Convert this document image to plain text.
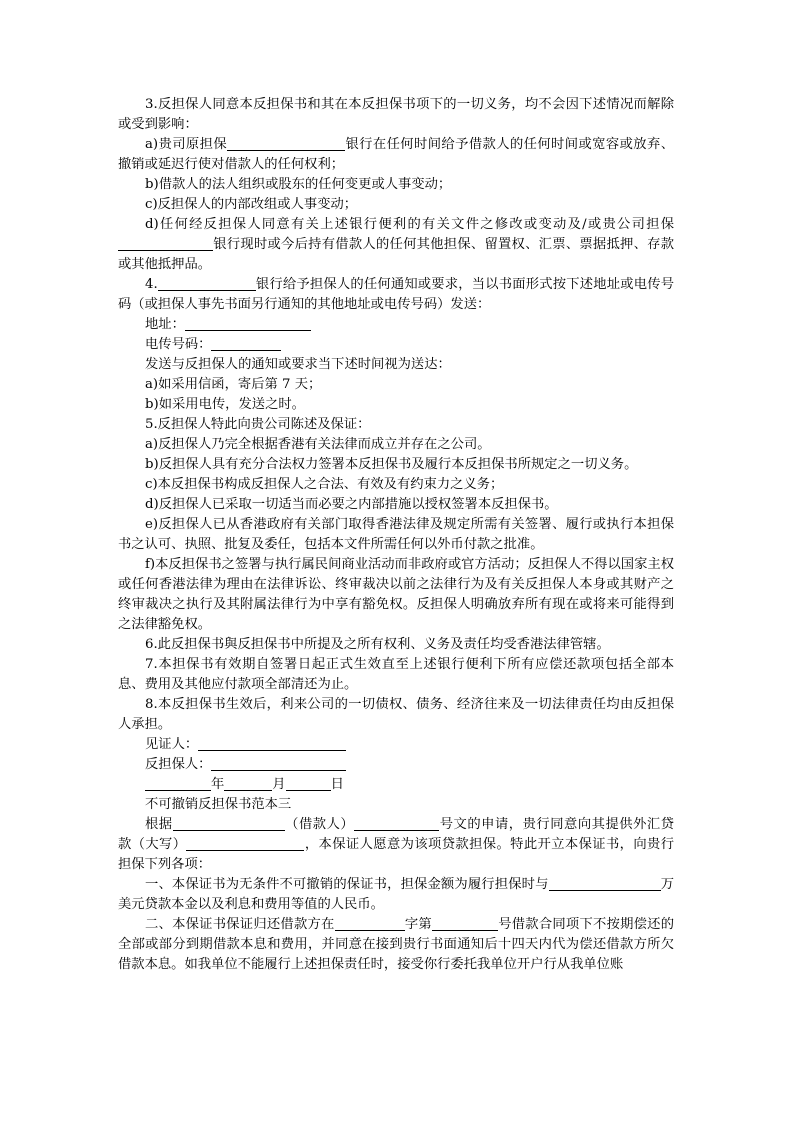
3.反担保人同意本反担保书和其在本反担保书项下的一切义务，均不会因下述情况而解除或受到影响：

a)贵司原担保	银行在任何时间给予借款人的任何时间或宽容或放弃、撤销或延迟行使对借款人的任何权利；

b)借款人的法人组织或股东的任何变更或人事变动；

c)反担保人的内部改组或人事变动；

d)任何经反担保人同意有关上述银行便利的有关文件之修改或变动及/或贵公司担保银行现时或今后持有借款人的任何其他担保、留置权、汇票、票据抵押、存款或其他抵押品。

4.	银行给予担保人的任何通知或要求，当以书面形式按下述地址或电传号码（或担保人事先书面另行通知的其他地址或电传号码）发送：

地址：
电传号码：

发送与反担保人的通知或要求当下述时间视为送达：

a)如采用信函，寄后第 7 天；

b)如采用电传，发送之时。

5.反担保人特此向贵公司陈述及保证：

a)反担保人乃完全根据香港有关法律而成立并存在之公司。

b)反担保人具有充分合法权力签署本反担保书及履行本反担保书所规定之一切义务。

c)本反担保书构成反担保人之合法、有效及有约束力之义务；

d)反担保人已采取一切适当而必要之内部措施以授权签署本反担保书。

e)反担保人已从香港政府有关部门取得香港法律及规定所需有关签署、履行或执行本担保书之认可、执照、批复及委任，包括本文件所需任何以外币付款之批准。

f)本反担保书之签署与执行属民间商业活动而非政府或官方活动；反担保人不得以国家主权或任何香港法律为理由在法律诉讼、终审裁决以前之法律行为及有关反担保人本身或其财产之终审裁决之执行及其附属法律行为中享有豁免权。反担保人明确放弃所有现在或将来可能得到之法律豁免权。

6.此反担保书與反担保书中所提及之所有权利、义务及责任均受香港法律管辖。

7.本担保书有效期自签署日起正式生效直至上述银行便利下所有应偿还款项包括全部本息、费用及其他应付款项全部清还为止。

8.本反担保书生效后，利来公司的一切债权、债务、经济往来及一切法律责任均由反担保人承担。

见证人：
反担保人：
年	月	日
不可撤销反担保书范本三

根据	（借款人）	号文的申请，贵行同意向其提供外汇贷款（大写）	，本保证人愿意为该项贷款担保。特此开立本保证书，向贵行担保下列各项：

一、本保证书为无条件不可撤销的保证书，担保金额为履行担保时与	万美元贷款本金以及利息和费用等值的人民币。

二、本保证书保证归还借款方在	字第	号借款合同项下不按期偿还的全部或部分到期借款本息和费用，并同意在接到贵行书面通知后十四天内代为偿还借款方所欠借款本息。如我单位不能履行上述担保责任时，接受你行委托我单位开户行从我单位账
